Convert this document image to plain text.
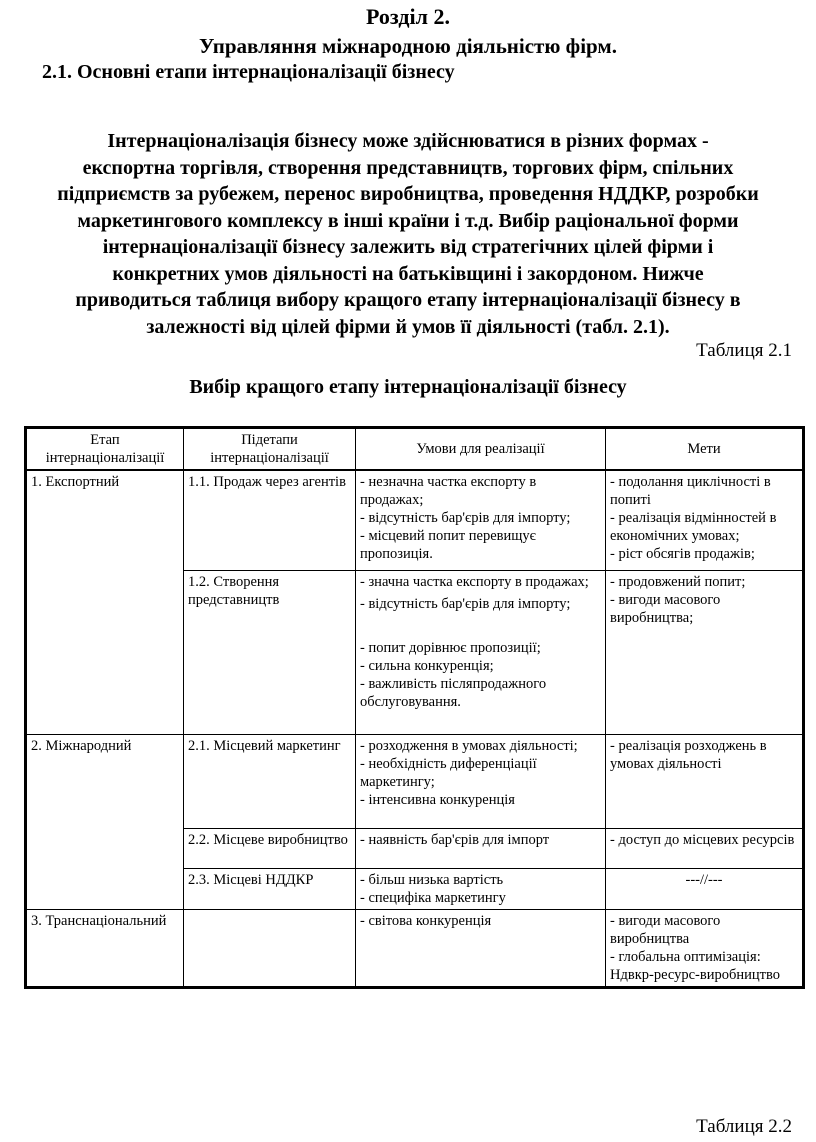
Розділ 2.
Управляння міжнародною діяльністю фірм.
2.1. Основні етапи інтернаціоналізації бізнесу

Інтернаціоналізація бізнесу може здійснюватися в різних формах -
експортна торгівля, створення представництв, торгових фірм, спільних
підприємств за рубежем, перенос виробництва, проведення НДДКР, розробки
маркетингового комплексу в інші країни і т.д. Вибір раціональної форми
інтернаціоналізації бізнесу залежить від стратегічних цілей фірми і
конкретних умов діяльності на батьківщині і закордоном. Нижче
приводиться таблиця вибору кращого етапу інтернаціоналізації бізнесу в
залежності від цілей фірми й умов її діяльності (табл. 2.1).

Таблиця 2.1
Вибір кращого етапу інтернаціоналізації бізнесу
Етап інтернаціоналізації	Підетапи інтернаціоналізації	Умови для реалізації	Мети
1. Експортний	1.1. Продаж через агентів	- незначна частка експорту в продажах;
- відсутність бар'єрів для імпорту;
- місцевий попит перевищує пропозиція.	- подолання циклічності в попиті
- реалізація відмінностей в економічних умовах;
- ріст обсягів продажів;

	1.2. Створення представництв	- значна частка експорту в продажах;
- відсутність бар'єрів для імпорту;
- попит дорівнює пропозиції;
- сильна конкуренція;
- важливість післяпродажного обслуговування.	- продовжений попит;
- вигоди масового виробництва;

2. Міжнародний	2.1. Місцевий маркетинг	- розходження в умовах діяльності;
- необхідність диференціації маркетингу;
- інтенсивна конкуренція	- реалізація розходжень в умовах діяльності

	2.2. Місцеве виробництво	- наявність бар'єрів для імпорт	- доступ до місцевих ресурсів

	2.3. Місцеві НДДКР	- більш низька вартість
- специфіка маркетингу	---//---
3. Транснаціональний		- світова конкуренція	- вигоди масового виробництва
- глобальна оптимізація:
Ндвкр-ресурс-виробництво
Таблиця 2.2
